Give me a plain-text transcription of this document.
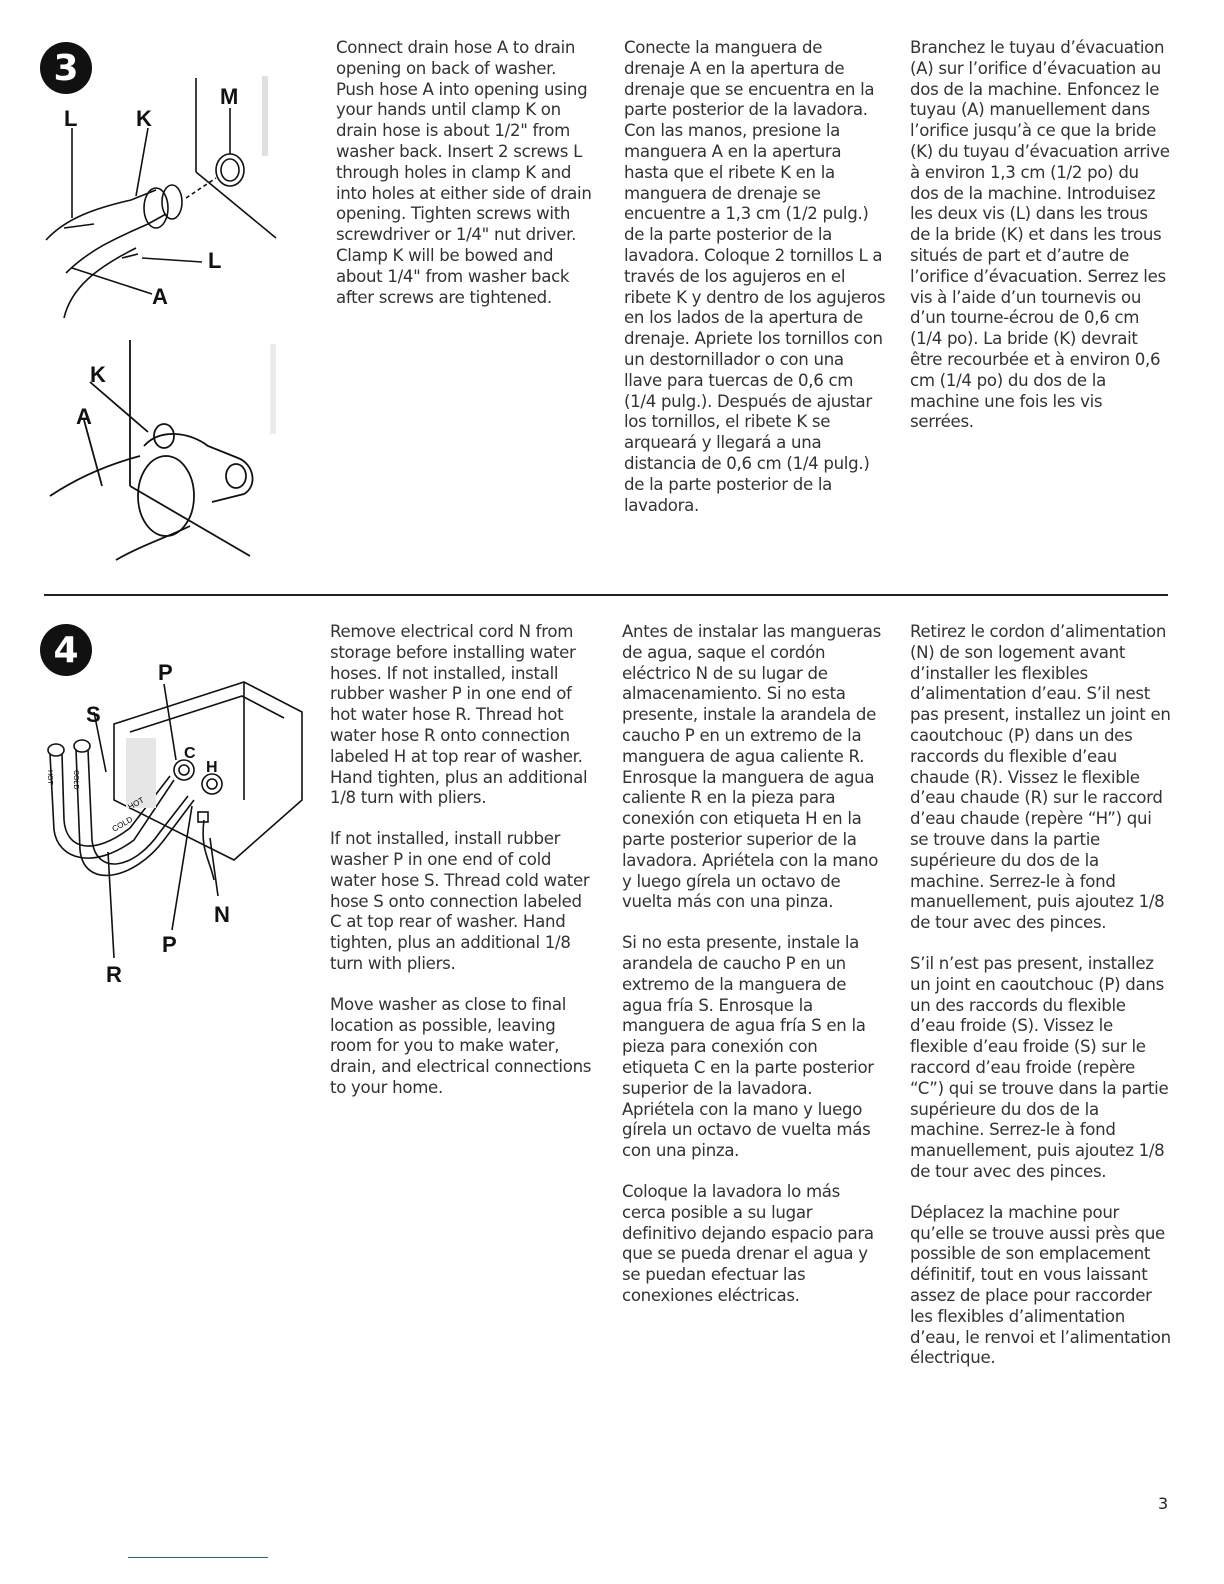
3
L	K
M
L
A
K
A

Connect drain hose A to drain opening on back of washer. Push hose A into opening using your hands until clamp K on drain hose is about 1/2" from washer back. Insert 2 screws L through holes in clamp K and into holes at either side of drain opening. Tighten screws with screwdriver or 1/4" nut driver. Clamp K will be bowed and about 1/4" from washer back after screws are tightened.

Conecte la manguera de drenaje A en la apertura de drenaje que se encuentra en la parte posterior de la lavadora. Con las manos, presione la manguera A en la apertura hasta que el ribete K en la manguera de drenaje se encuentre a 1,3 cm (1/2 pulg.) de la parte posterior de la lavadora. Coloque 2 tornillos L a través de los agujeros en el ribete K y dentro de los agujeros en los lados de la apertura de drenaje. Apriete los tornillos con un destornillador o con una llave para tuercas de 0,6 cm (1/4 pulg.). Después de ajustar los tornillos, el ribete K se arqueará y llegará a una distancia de 0,6 cm (1/4 pulg.) de la parte posterior de la lavadora.

Branchez le tuyau d’évacuation (A) sur l’orifice d’évacuation au dos de la machine. Enfoncez le tuyau (A) manuellement dans l’orifice jusqu’à ce que la bride (K) du tuyau d’évacuation arrive à environ 1,3 cm (1/2 po) du dos de la machine. Introduisez les deux vis (L) dans les trous de la bride (K) et dans les trous situés de part et d’autre de l’orifice d’évacuation. Serrez les vis à l’aide d’un tournevis ou d’un tourne-écrou de 0,6 cm (1/4 po). La bride (K) devrait être recourbée et à environ 0,6 cm (1/4 po) du dos de la machine une fois les vis serrées.

4
P
S
C
H
N
P
R
COLD
HOT
HOT	COLD

Remove electrical cord N from storage before installing water hoses. If not installed, install rubber washer P in one end of hot water hose R. Thread hot water hose R onto connection labeled H at top rear of washer. Hand tighten, plus an additional 1/8 turn with pliers.

If not installed, install rubber washer P in one end of cold water hose S. Thread cold water hose S onto connection labeled C at top rear of washer. Hand tighten, plus an additional 1/8 turn with pliers.

Move washer as close to final location as possible, leaving room for you to make water, drain, and electrical connections to your home.

Antes de instalar las mangueras de agua, saque el cordón eléctrico N de su lugar de almacenamiento. Si no esta presente, instale la arandela de caucho P en un extremo de la manguera de agua caliente R. Enrosque la manguera de agua caliente R en la pieza para conexión con etiqueta H en la parte posterior superior de la lavadora. Apriétela con la mano y luego gírela un octavo de vuelta más con una pinza.

Si no esta presente, instale la arandela de caucho P en un extremo de la manguera de agua fría S. Enrosque la manguera de agua fría S en la pieza para conexión con etiqueta C en la parte posterior superior de la lavadora. Apriétela con la mano y luego gírela un octavo de vuelta más con una pinza.

Coloque la lavadora lo más cerca posible a su lugar definitivo dejando espacio para que se pueda drenar el agua y se puedan efectuar las conexiones eléctricas.

Retirez le cordon d’alimentation (N) de son logement avant d’installer les flexibles d’alimentation d’eau. S’il nest pas present, installez un joint en caoutchouc (P) dans un des raccords du flexible d’eau chaude (R). Vissez le flexible d’eau chaude (R) sur le raccord d’eau chaude (repère “H”) qui se trouve dans la partie supérieure du dos de la machine. Serrez-le à fond manuellement, puis ajoutez 1/8 de tour avec des pinces.

S’il n’est pas present, installez un joint en caoutchouc (P) dans un des raccords du flexible d’eau froide (S). Vissez le flexible d’eau froide (S) sur le raccord d’eau froide (repère “C”) qui se trouve dans la partie supérieure du dos de la machine. Serrez-le à fond manuellement, puis ajoutez 1/8 de tour avec des pinces.

Déplacez la machine pour qu’elle se trouve aussi près que possible de son emplacement définitif, tout en vous laissant assez de place pour raccorder les flexibles d’alimentation d’eau, le renvoi et l’alimentation électrique.

3
